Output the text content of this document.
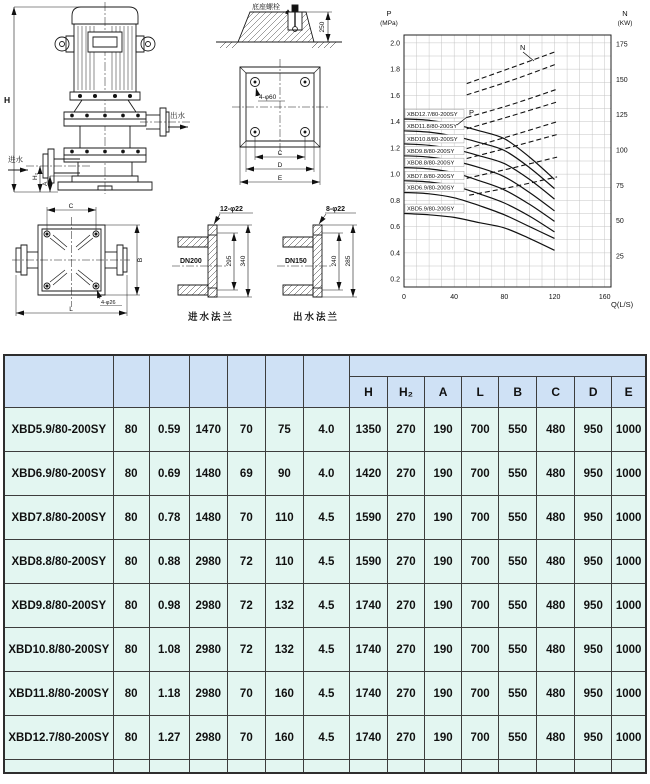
出水
进水
H
H₂
A
底座螺栓
250
4-φ60
C
D
E
C
B
L
4-φ26
12-φ22
295 340
DN200
进水法兰
8-φ22
240 285
DN150
出水法兰
XBD12.7/80-200SY
XBD11.8/80-200SY
XBD10.8/80-200SY
XBD9.8/80-200SY
XBD8.8/80-200SY
XBD7.8/80-200SY
XBD6.9/80-200SY
XBD5.9/80-200SY
0	40	80	120	160
2.0
1.8
1.6
1.4
1.2
1.0
0.8
0.6
0.4
0.2
175
150
125
100
75
50
25
P
(MPa)
N
(KW)
Q(L/S)
N
P

							H	H₂	A	L	B	C	D	E
XBD5.9/80-200SY	80	0.59	1470	70	75	4.0	1350	270	190	700	550	480	950	1000
XBD6.9/80-200SY	80	0.69	1480	69	90	4.0	1420	270	190	700	550	480	950	1000
XBD7.8/80-200SY	80	0.78	1480	70	110	4.5	1590	270	190	700	550	480	950	1000
XBD8.8/80-200SY	80	0.88	2980	72	110	4.5	1590	270	190	700	550	480	950	1000
XBD9.8/80-200SY	80	0.98	2980	72	132	4.5	1740	270	190	700	550	480	950	1000
XBD10.8/80-200SY	80	1.08	2980	72	132	4.5	1740	270	190	700	550	480	950	1000
XBD11.8/80-200SY	80	1.18	2980	70	160	4.5	1740	270	190	700	550	480	950	1000
XBD12.7/80-200SY	80	1.27	2980	70	160	4.5	1740	270	190	700	550	480	950	1000
